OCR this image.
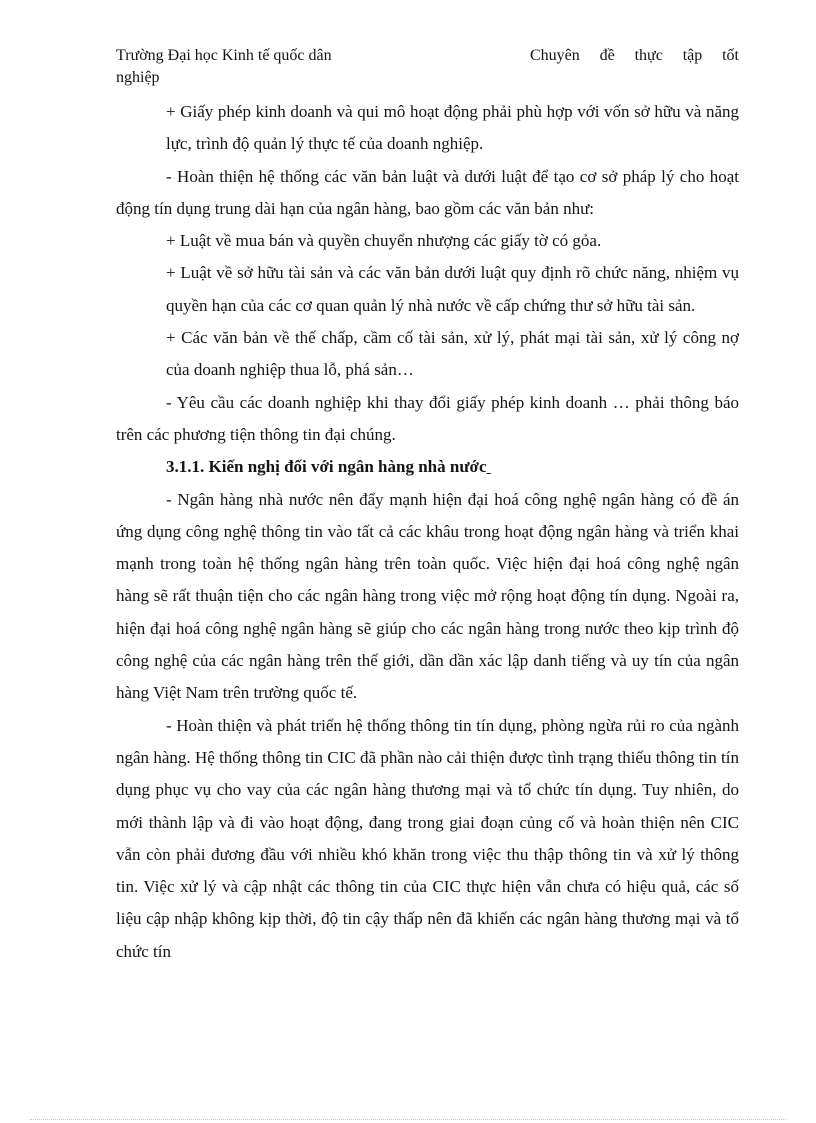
Trường Đại học Kinh tế quốc dân
nghiệp
Chuyên đề thực tập tốt

+ Giấy phép kinh doanh và qui mô hoạt động phải phù hợp với vốn sở hữu và năng lực, trình độ quản lý thực tế của doanh nghiệp.

- Hoàn thiện hệ thống các văn bản luật và dưới luật để tạo cơ sở pháp lý cho hoạt động tín dụng trung dài hạn của ngân hàng, bao gồm các văn bản như:

+ Luật về mua bán và quyền chuyển nhượng các giấy tờ có gỏa.

+ Luật về sở hữu tài sản và các văn bản dưới luật quy định rõ chức năng, nhiệm vụ quyền hạn của các cơ quan quản lý nhà nước về cấp chứng thư sở hữu tài sản.

+ Các văn bản về thế chấp, cầm cố tài sản, xử lý, phát mại tài sản, xử lý công nợ của doanh nghiệp thua lỗ, phá sản…

- Yêu cầu các doanh nghiệp khi thay đổi giấy phép kinh doanh … phải thông báo trên các phương tiện thông tin đại chúng.

3.1.1. Kiến nghị đối với ngân hàng nhà nước

- Ngân hàng nhà nước nên đẩy mạnh hiện đại hoá công nghệ ngân hàng có đề án ứng dụng công nghệ thông tin vào tất cả các khâu trong hoạt động ngân hàng và triển khai mạnh trong toàn hệ thống ngân hàng trên toàn quốc. Việc hiện đại hoá công nghệ ngân hàng sẽ rất thuận tiện cho các ngân hàng trong việc mở rộng hoạt động tín dụng. Ngoài ra, hiện đại hoá công nghệ ngân hàng sẽ giúp cho các ngân hàng trong nước theo kịp trình độ công nghệ của các ngân hàng trên thế giới, dần dần xác lập danh tiếng và uy tín của ngân hàng Việt Nam trên trường quốc tế.

- Hoàn thiện và phát triển hệ thống thông tin tín dụng, phòng ngừa rủi ro của ngành ngân hàng. Hệ thống thông tin CIC đã phần nào cải thiện được tình trạng thiếu thông tin tín dụng phục vụ cho vay của các ngân hàng thương mại và tổ chức tín dụng. Tuy nhiên, do mới thành lập và đi vào hoạt động, đang trong giai đoạn củng cố và hoàn thiện nên CIC vẫn còn phải đương đầu với nhiều khó khăn trong việc thu thập thông tin và xử lý thông tin. Việc xử lý và cập nhật các thông tin của CIC thực hiện vẫn chưa có hiệu quả, các số liệu cập nhập không kịp thời, độ tin cậy thấp nên đã khiến các ngân hàng thương mại và tổ chức tín
